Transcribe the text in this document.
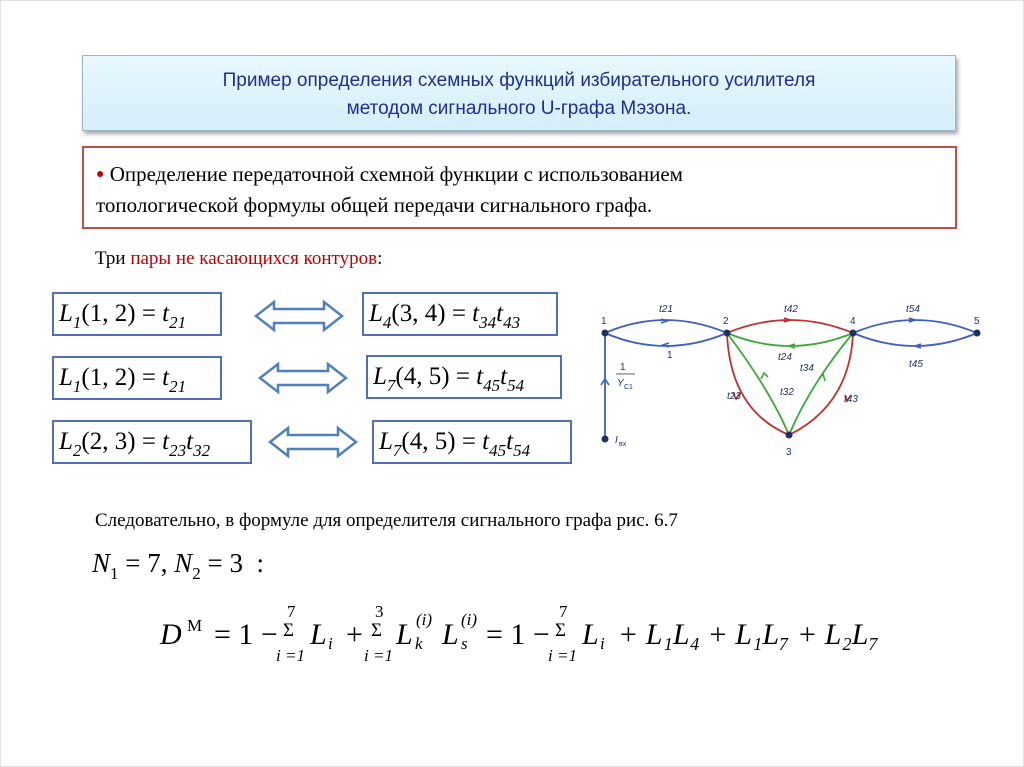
Пример определения схемных функций избирательного усилителя
методом сигнального U-графа Мэзона.
● Определение передаточной схемной функции с использованием
топологической формулы общей передачи сигнального графа.
Три пары не касающихся контуров:
$L_1(1$, $2) = t_{21}$	$L_4(3$, $4) = t_{34}t_{43}$
$L_1(1$, $2) = t_{21}$	$L_7(4$, $5) = t_{45}t_{54}$
$L_2(2$, $3) = t_{23}t_{32}$	$L_7(4$, $5) = t_{45}t_{54}$
1	2	4	5
3
t21
1
t42
t24
t34
t54
t45
t23	t32
t43
1
Y C1
I вх
Следовательно, в формуле для определителя сигнального графа рис. 6.7
$N_1 = 7$, $N_2 = 3$ :
D M = 1 −
7
Σ
i =1
L i +
3
Σ
i =1
L k
(i) L s
(i) = 1 −
7
Σ
i =1
L i + L₁L₄ + L₁L₇ + L₂L₇
